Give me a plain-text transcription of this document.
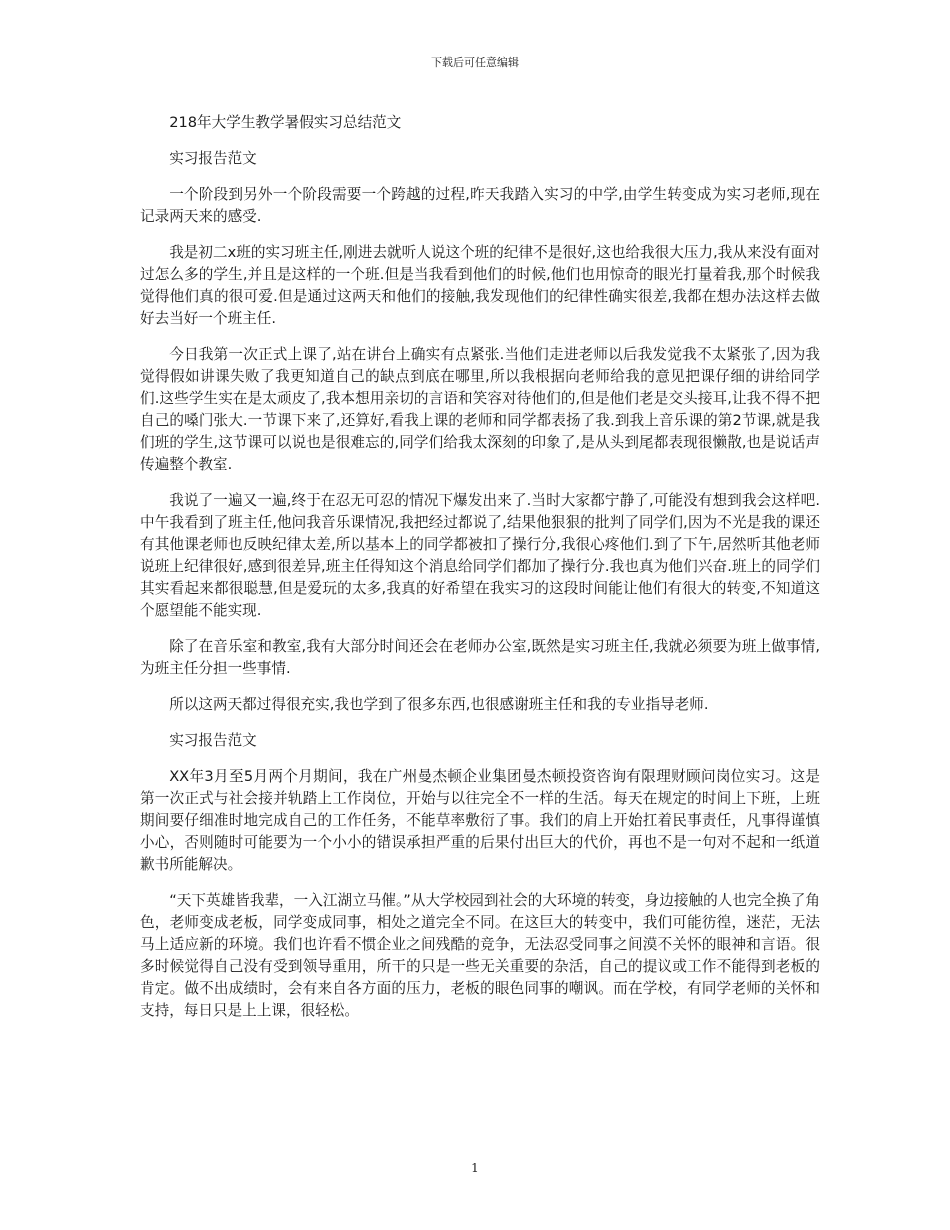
下载后可任意编辑

218年大学生教学暑假实习总结范文

实习报告范文

一个阶段到另外一个阶段需要一个跨越的过程,昨天我踏入实习的中学,由学生转变成为实习老师,现在记录两天来的感受.

我是初二x班的实习班主任,刚进去就听人说这个班的纪律不是很好,这也给我很大压力,我从来没有面对过怎么多的学生,并且是这样的一个班.但是当我看到他们的时候,他们也用惊奇的眼光打量着我,那个时候我觉得他们真的很可爱.但是通过这两天和他们的接触,我发现他们的纪律性确实很差,我都在想办法这样去做好去当好一个班主任.

今日我第一次正式上课了,站在讲台上确实有点紧张.当他们走进老师以后我发觉我不太紧张了,因为我觉得假如讲课失败了我更知道自己的缺点到底在哪里,所以我根据向老师给我的意见把课仔细的讲给同学们.这些学生实在是太顽皮了,我本想用亲切的言语和笑容对待他们的,但是他们老是交头接耳,让我不得不把自己的嗓门张大.一节课下来了,还算好,看我上课的老师和同学都表扬了我.到我上音乐课的第2节课,就是我们班的学生,这节课可以说也是很难忘的,同学们给我太深刻的印象了,是从头到尾都表现很懒散,也是说话声传遍整个教室.

我说了一遍又一遍,终于在忍无可忍的情况下爆发出来了.当时大家都宁静了,可能没有想到我会这样吧.中午我看到了班主任,他问我音乐课情况,我把经过都说了,结果他狠狠的批判了同学们,因为不光是我的课还有其他课老师也反映纪律太差,所以基本上的同学都被扣了操行分,我很心疼他们.到了下午,居然听其他老师说班上纪律很好,感到很差异,班主任得知这个消息给同学们都加了操行分.我也真为他们兴奋.班上的同学们其实看起来都很聪慧,但是爱玩的太多,我真的好希望在我实习的这段时间能让他们有很大的转变,不知道这个愿望能不能实现.

除了在音乐室和教室,我有大部分时间还会在老师办公室,既然是实习班主任,我就必须要为班上做事情,为班主任分担一些事情.

所以这两天都过得很充实,我也学到了很多东西,也很感谢班主任和我的专业指导老师.

实习报告范文

XX年3月至5月两个月期间，我在广州曼杰顿企业集团曼杰顿投资咨询有限理财顾问岗位实习。这是第一次正式与社会接并轨踏上工作岗位，开始与以往完全不一样的生活。每天在规定的时间上下班，上班期间要仔细准时地完成自己的工作任务，不能草率敷衍了事。我们的肩上开始扛着民事责任，凡事得谨慎小心，否则随时可能要为一个小小的错误承担严重的后果付出巨大的代价，再也不是一句对不起和一纸道歉书所能解决。

“天下英雄皆我辈，一入江湖立马催。”从大学校园到社会的大环境的转变，身边接触的人也完全换了角色，老师变成老板，同学变成同事，相处之道完全不同。在这巨大的转变中，我们可能彷徨，迷茫，无法马上适应新的环境。我们也许看不惯企业之间残酷的竞争，无法忍受同事之间漠不关怀的眼神和言语。很多时候觉得自己没有受到领导重用，所干的只是一些无关重要的杂活，自己的提议或工作不能得到老板的肯定。做不出成绩时，会有来自各方面的压力，老板的眼色同事的嘲讽。而在学校，有同学老师的关怀和支持，每日只是上上课，很轻松。

1
